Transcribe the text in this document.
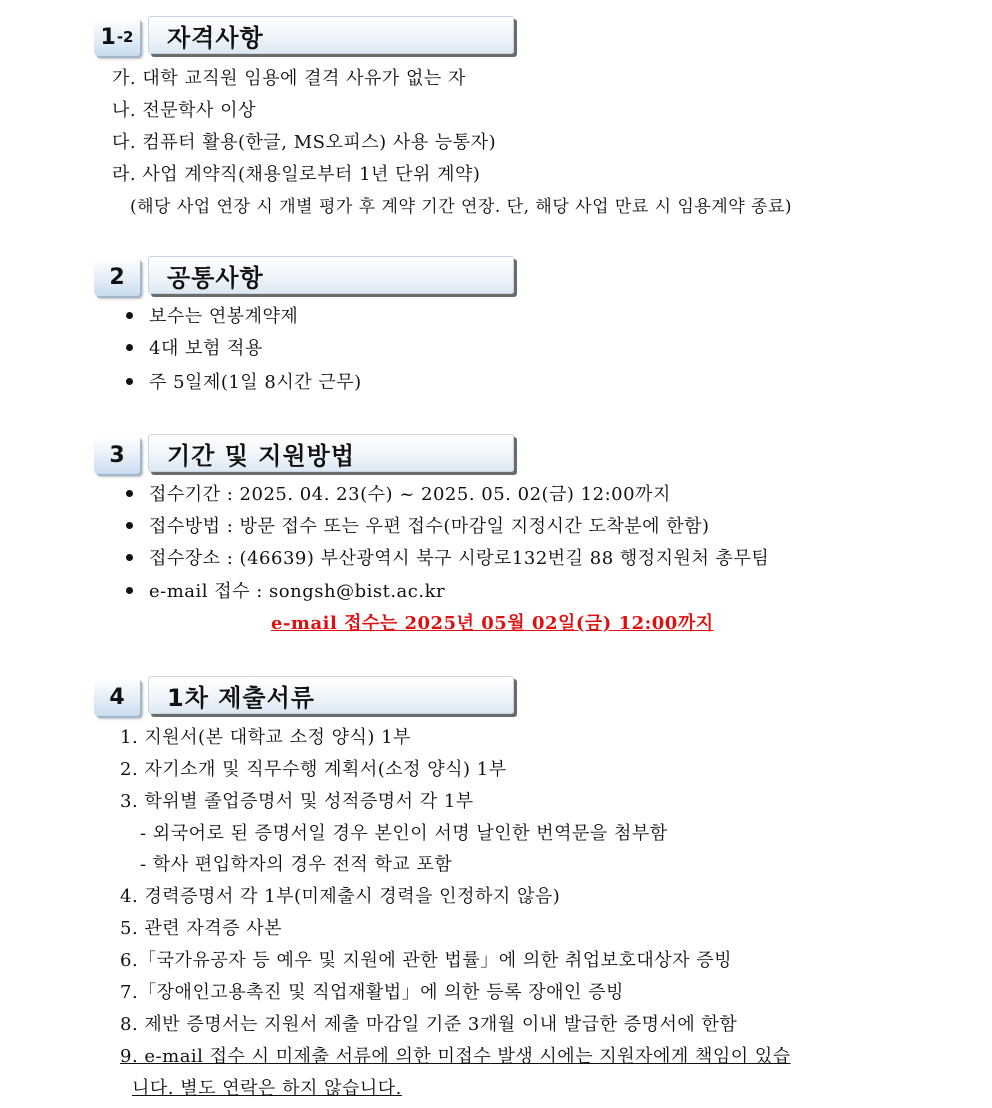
1 -2	자격사항
가. 대학 교직원 임용에 결격 사유가 없는 자
나. 전문학사 이상
다. 컴퓨터 활용(한글, MS오피스) 사용 능통자)
라. 사업 계약직(채용일로부터 1년 단위 계약)
(해당 사업 연장 시 개별 평가 후 계약 기간 연장. 단, 해당 사업 만료 시 임용계약 종료)
2	공통사항
보수는 연봉계약제
4대 보험 적용
주 5일제(1일 8시간 근무)
3	기간 및 지원방법
접수기간 : 2025. 04. 23(수) ~ 2025. 05. 02(금) 12:00까지
접수방법 : 방문 접수 또는 우편 접수(마감일 지정시간 도착분에 한함)
접수장소 : (46639) 부산광역시 북구 시랑로132번길 88 행정지원처 총무팀
e-mail 접수 : songsh@bist.ac.kr
e-mail 접수는 2025년 05월 02일(금) 12:00까지
4	1차 제출서류
1. 지원서(본 대학교 소정 양식) 1부
2. 자기소개 및 직무수행 계획서(소정 양식) 1부
3. 학위별 졸업증명서 및 성적증명서 각 1부
- 외국어로 된 증명서일 경우 본인이 서명 날인한 번역문을 첨부함
- 학사 편입학자의 경우 전적 학교 포함
4. 경력증명서 각 1부(미제출시 경력을 인정하지 않음)
5. 관련 자격증 사본
6.「국가유공자 등 예우 및 지원에 관한 법률」에 의한 취업보호대상자 증빙
7.「장애인고용촉진 및 직업재활법」에 의한 등록 장애인 증빙
8. 제반 증명서는 지원서 제출 마감일 기준 3개월 이내 발급한 증명서에 한함
9. e-mail 접수 시 미제출 서류에 의한 미접수 발생 시에는 지원자에게 책임이 있습
니다. 별도 연락은 하지 않습니다.
